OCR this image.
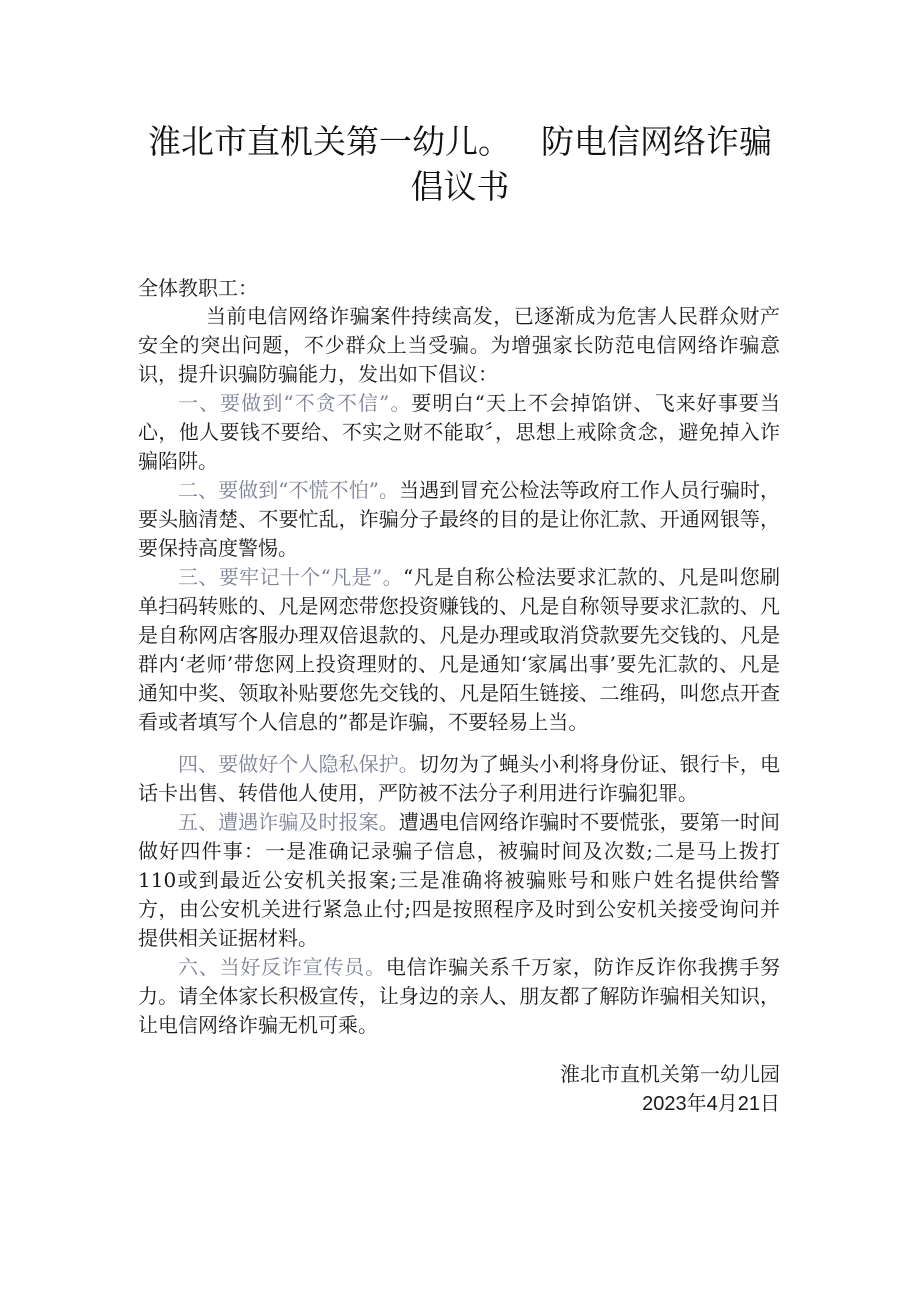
淮北市直机关第一幼儿。 防电信网络诈骗
倡议书
全体教职工：
当前电信网络诈骗案件持续高发，已逐渐成为危害人民群众财产安全的突出问题，不少群众上当受骗。为增强家长防范电信网络诈骗意识，提升识骗防骗能力，发出如下倡议：
一、要做到“不贪不信”。要明白“天上不会掉馅饼、飞来好事要当心，他人要钱不要给、不实之财不能取〞，思想上戒除贪念，避免掉入诈骗陷阱。
二、要做到“不慌不怕”。当遇到冒充公检法等政府工作人员行骗时，要头脑清楚、不要忙乱，诈骗分子最终的目的是让你汇款、开通网银等，要保持高度警惕。
三、要牢记十个“凡是”。“凡是自称公检法要求汇款的、凡是叫您刷单扫码转账的、凡是网恋带您投资赚钱的、凡是自称领导要求汇款的、凡是自称网店客服办理双倍退款的、凡是办理或取消贷款要先交钱的、凡是群内‘老师’带您网上投资理财的、凡是通知‘家属出事’要先汇款的、凡是通知中奖、领取补贴要您先交钱的、凡是陌生链接、二维码，叫您点开查看或者填写个人信息的”都是诈骗，不要轻易上当。
四、要做好个人隐私保护。切勿为了蝇头小利将身份证、银行卡，电话卡出售、转借他人使用，严防被不法分子利用进行诈骗犯罪。
五、遭遇诈骗及时报案。遭遇电信网络诈骗时不要慌张，要第一时间做好四件事：一是准确记录骗子信息，被骗时间及次数;二是马上拨打110或到最近公安机关报案;三是准确将被骗账号和账户姓名提供给警方，由公安机关进行紧急止付;四是按照程序及时到公安机关接受询问并提供相关证据材料。
六、当好反诈宣传员。电信诈骗关系千万家，防诈反诈你我携手努力。请全体家长积极宣传，让身边的亲人、朋友都了解防诈骗相关知识，让电信网络诈骗无机可乘。
淮北市直机关第一幼儿园
2023年4月21日
